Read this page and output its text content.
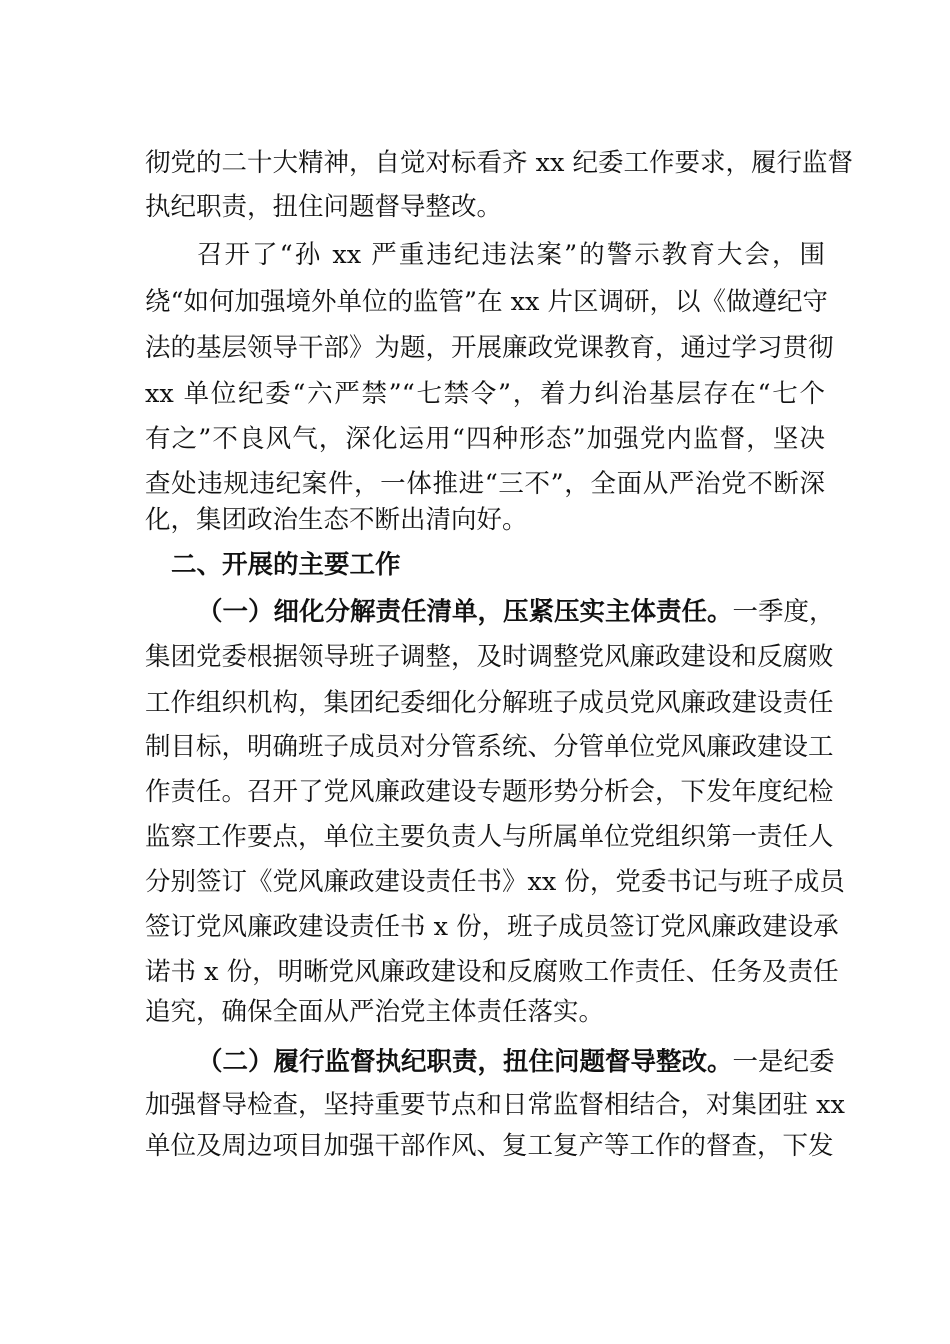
彻党的二十大精神，自觉对标看齐 xx 纪委工作要求，履行监督
执纪职责，扭住问题督导整改。
召开了“孙 xx 严重违纪违法案”的警示教育大会，围
绕“如何加强境外单位的监管”在 xx 片区调研，以《做遵纪守
法的基层领导干部》为题，开展廉政党课教育，通过学习贯彻
xx 单位纪委“六严禁”“七禁令”，着力纠治基层存在“七个
有之”不良风气，深化运用“四种形态”加强党内监督，坚决
查处违规违纪案件，一体推进“三不”，全面从严治党不断深
化，集团政治生态不断出清向好。
二、开展的主要工作
（一）细化分解责任清单，压紧压实主体责任。一季度，
集团党委根据领导班子调整，及时调整党风廉政建设和反腐败
工作组织机构，集团纪委细化分解班子成员党风廉政建设责任
制目标，明确班子成员对分管系统、分管单位党风廉政建设工
作责任。召开了党风廉政建设专题形势分析会，下发年度纪检
监察工作要点，单位主要负责人与所属单位党组织第一责任人
分别签订《党风廉政建设责任书》xx 份，党委书记与班子成员
签订党风廉政建设责任书 x 份，班子成员签订党风廉政建设承
诺书 x 份，明晰党风廉政建设和反腐败工作责任、任务及责任
追究，确保全面从严治党主体责任落实。
（二）履行监督执纪职责，扭住问题督导整改。一是纪委
加强督导检查，坚持重要节点和日常监督相结合，对集团驻 xx
单位及周边项目加强干部作风、复工复产等工作的督查，下发
